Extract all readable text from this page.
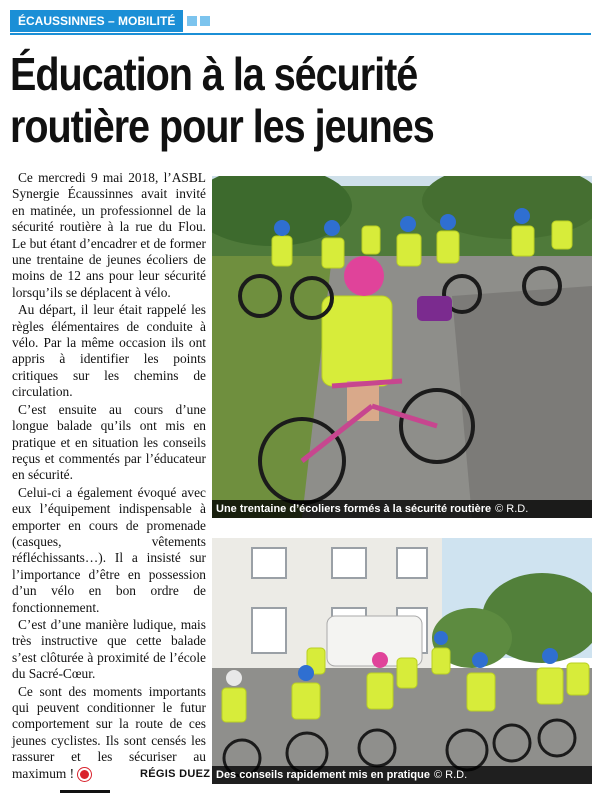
ÉCAUSSINNES – MOBILITÉ
Éducation à la sécurité
routière pour les jeunes

Ce mercredi 9 mai 2018, l’ASBL Synergie Écaussinnes avait invité en matinée, un professionnel de la sécurité routière à la rue du Flou. Le but étant d’encadrer et de former une trentaine de jeunes écoliers de moins de 12 ans pour leur sécurité lorsqu’ils se déplacent à vélo.

Au départ, il leur était rappelé les règles élémentaires de conduite à vélo. Par la même occasion ils ont appris à identifier les points critiques sur les chemins de circulation.

C’est ensuite au cours d’une longue balade qu’ils ont mis en pratique et en situation les conseils reçus et commentés par l’éducateur en sécurité.

Celui-ci a également évoqué avec eux l’équipement indispensable à emporter en cours de promenade (casques, vêtements réfléchissants…). Il a insisté sur l’importance d’être en possession d’un vélo en bon ordre de fonctionnement.

C’est d’une manière ludique, mais très instructive que cette balade s’est clôturée à proximité de l’école du Sacré-Cœur.

Ce sont des moments importants qui peuvent conditionner le futur comportement sur la route de ces jeunes cyclistes. Ils sont censés les rassurer et les sécuriser au maximum !	RÉGIS DUEZ
Une trentaine d’écoliers formés à la sécurité routière © R.D.
Des conseils rapidement mis en pratique © R.D.
